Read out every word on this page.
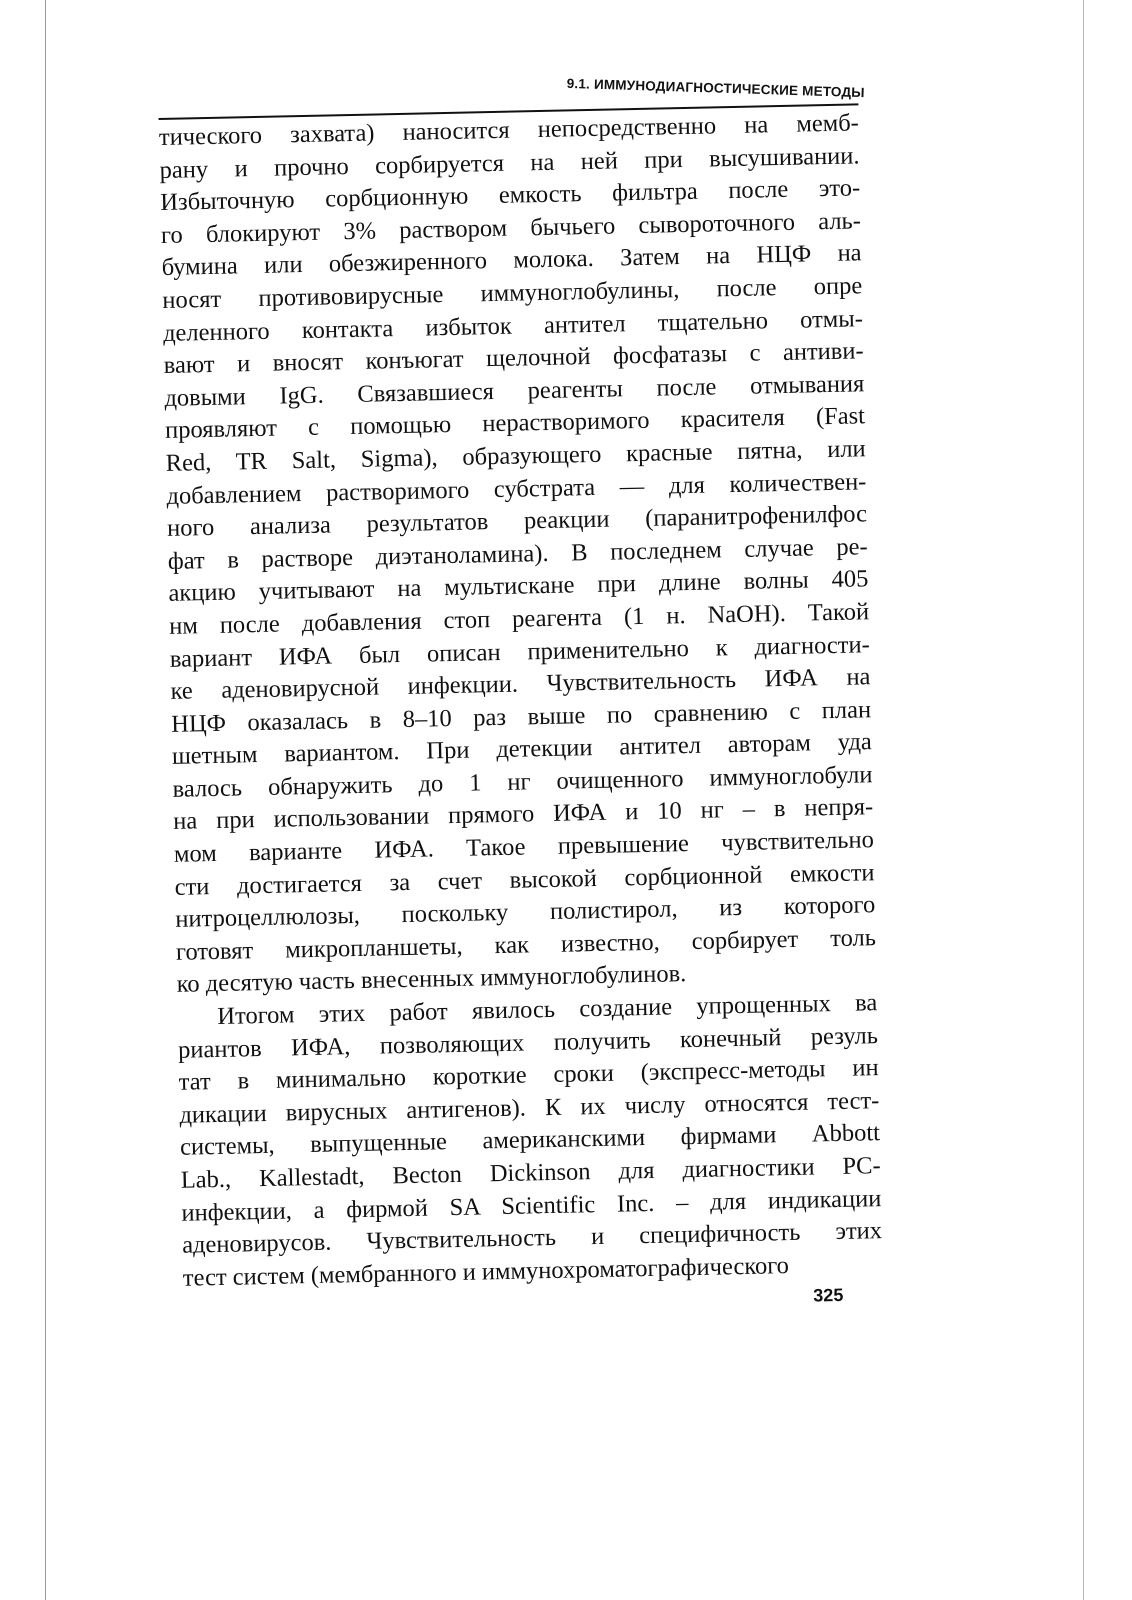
9.1. ИММУНОДИАГНОСТИЧЕСКИЕ МЕТОДЫ
тического захвата) наносится непосредственно на мемб-
рану и прочно сорбируется на ней при высушивании.
Избыточную сорбционную емкость фильтра после это-
го блокируют 3% раствором бычьего сывороточного аль-
бумина или обезжиренного молока. Затем на НЦФ на
носят противовирусные иммуноглобулины, после опре
деленного контакта избыток антител тщательно отмы-
вают и вносят конъюгат щелочной фосфатазы с антиви-
довыми IgG. Связавшиеся реагенты после отмывания
проявляют с помощью нерастворимого красителя (Fast
Red, TR Salt, Sigma), образующего красные пятна, или
добавлением растворимого субстрата — для количествен-
ного анализа результатов реакции (паранитрофенилфос
фат в растворе диэтаноламина). В последнем случае ре-
акцию учитывают на мультискане при длине волны 405
нм после добавления стоп реагента (1 н. NaOH). Такой
вариант ИФА был описан применительно к диагности-
ке аденовирусной инфекции. Чувствительность ИФА на
НЦФ оказалась в 8–10 раз выше по сравнению с план
шетным вариантом. При детекции антител авторам уда
валось обнаружить до 1 нг очищенного иммуноглобули
на при использовании прямого ИФА и 10 нг – в непря-
мом варианте ИФА. Такое превышение чувствительно
сти достигается за счет высокой сорбционной емкости
нитроцеллюлозы, поскольку полистирол, из которого
готовят микропланшеты, как известно, сорбирует толь
ко десятую часть внесенных иммуноглобулинов.
Итогом этих работ явилось создание упрощенных ва
риантов ИФА, позволяющих получить конечный резуль
тат в минимально короткие сроки (экспресс-методы ин
дикации вирусных антигенов). К их числу относятся тест-
системы, выпущенные американскими фирмами Abbott
Lab., Kallestadt, Becton Dickinson для диагностики PC-
инфекции, а фирмой SA Scientific Inc. – для индикации
аденовирусов. Чувствительность и специфичность этих
тест систем (мембранного и иммунохроматографического
325
